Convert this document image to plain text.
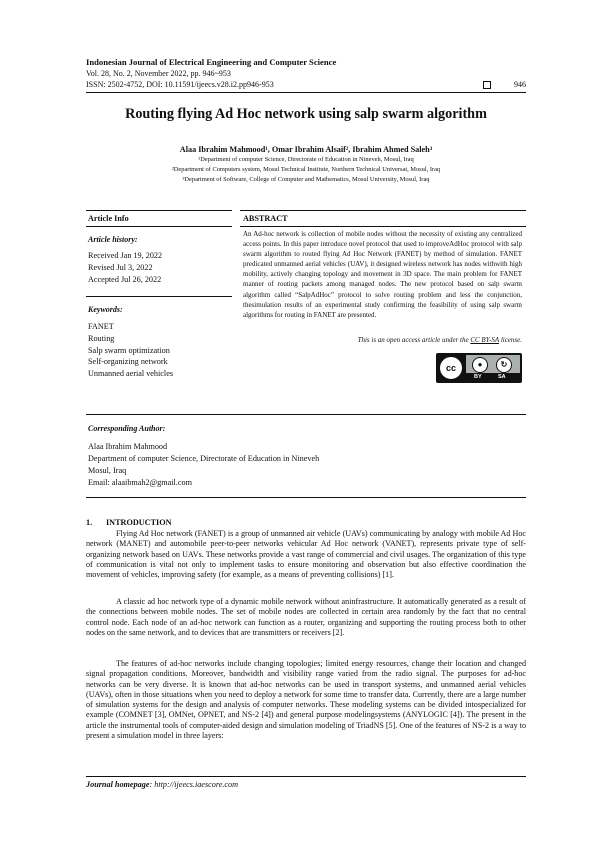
Indonesian Journal of Electrical Engineering and Computer Science
Vol. 28, No. 2, November 2022, pp. 946~953
ISSN: 2502-4752, DOI: 10.11591/ijeecs.v28.i2.pp946-953	946
Routing flying Ad Hoc network using salp swarm algorithm
Alaa Ibrahim Mahmood¹, Omar Ibrahim Alsaif², Ibrahim Ahmed Saleh³
¹Department of computer Science, Directorate of Education in Nineveh, Mosul, Iraq
²Department of Computers system, Mosul Technical Institute, Northern Technical Universat, Mosul, Iraq
³Department of Software, College of Computer and Mathematics, Mosul University, Mosul, Iraq
Article Info	ABSTRACT
Article history:
Received Jan 19, 2022
Revised Jul 3, 2022
Accepted Jul 26, 2022
Keywords:
FANET
Routing
Salp swarm optimization
Self-organizing network
Unmanned aerial vehicles
An Ad-hoc network is collection of mobile nodes without the necessity of existing any centralized access points. In this paper introduce novel protocol that used to improveAdHoc protocol with salp swarm algorithm to routed flying Ad Hoc Network (FANET) by method of simulation. FANET predicated unmanned aerial vehicles (UAV), it designed wireless network has nodes withwith high mobility, actively changing topology and movement in 3D space. The main problem for FANET manner of routing packets among managed nodes. The new protocol based on salp swarm algorithm called “SalpAdHoc” protocol to solve routing problem and less the conjunction, thesimulation results of an experimental study confirming the feasibility of using salp swarm algorithms for routing in FANET are presented.
This is an open access article under the CC BY-SA license.
cc	●	↻
BY	SA
Corresponding Author:
Alaa Ibrahim Mahmood
Department of computer Science, Directorate of Education in Nineveh
Mosul, Iraq
Email: alaaibmah2@gmail.com
1. INTRODUCTION
Flying Ad Hoc network (FANET) is a group of unmanned air vehicle (UAVs) communicating by analogy with mobile Ad Hoc network (MANET) and automobile peer-to-peer networks vehicular Ad Hoc network (VANET), represents private type of self-organizing network based on UAVs. These networks provide a vast range of commercial and civil usages. The organization of this type of communication is vital not only to implement tasks to ensure monitoring and observation but also effective coordination the movement of vehicles, improving safety (for example, as a means of preventing collisions) [1].
A classic ad hoc network type of a dynamic mobile network without aninfrastructure. It automatically generated as a result of the connections between mobile nodes. The set of mobile nodes are collected in certain area randomly by the fact that no central control node. Each node of an ad-hoc network can function as a router, organizing and supporting the routing process both to other nodes on the same network, and to devices that are transmitters or receivers [2].
The features of ad-hoc networks include changing topologies; limited energy resources, change their location and changed signal propagation conditions. Moreover, bandwidth and visibility range varied from the radio signal. The purposes for ad-hoc networks can be very diverse. It is known that ad-hoc networks can be used in transport systems, and unmanned aerial vehicles (UAVs), often in those situations when you need to deploy a network for some time to transfer data. Currently, there are a large number of simulation systems for the design and analysis of computer networks. These modeling systems can be divided intospecialized for example (COMNET [3], OMNet, OPNET, and NS-2 [4]) and general purpose modelingsystems (ANYLOGIC [4]). The present in the article the instrumental tools of computer-aided design and simulation modeling of TriadNS [5]. One of the features of NS-2 is a way to present a simulation model in three layers:
Journal homepage: http://ijeecs.iaescore.com
